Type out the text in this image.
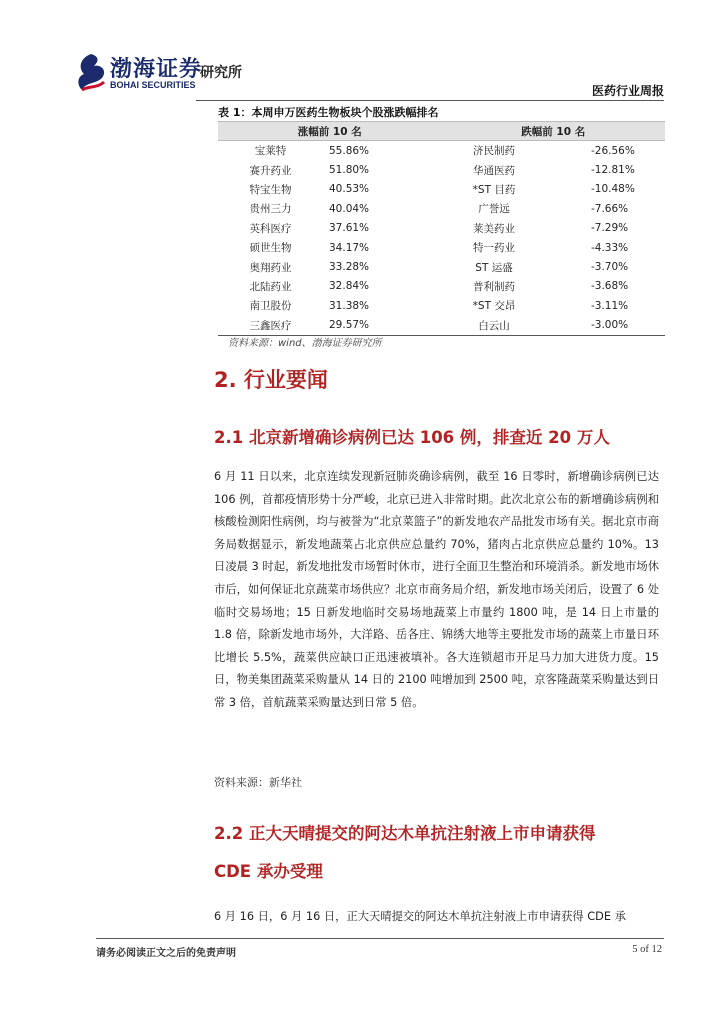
渤海证券
BOHAI SECURITIES
研究所
医药行业周报
表 1：本周申万医药生物板块个股涨跌幅排名
涨幅前 10 名	跌幅前 10 名
宝莱特	55.86%	济民制药	-26.56%
赛升药业	51.80%	华通医药	-12.81%
特宝生物	40.53%	*ST 目药	-10.48%
贵州三力	40.04%	广誉远	-7.66%
英科医疗	37.61%	莱美药业	-7.29%
硕世生物	34.17%	特一药业	-4.33%
奥翔药业	33.28%	ST 运盛	-3.70%
北陆药业	32.84%	普利制药	-3.68%
南卫股份	31.38%	*ST 交昂	-3.11%
三鑫医疗	29.57%	白云山	-3.00%
资料来源：wind、渤海证券研究所
2. 行业要闻
2.1 北京新增确诊病例已达 106 例，排查近 20 万人
6 月 11 日以来，北京连续发现新冠肺炎确诊病例，截至 16 日零时，新增确诊病例已达 106 例，首都疫情形势十分严峻，北京已进入非常时期。此次北京公布的新增确诊病例和核酸检测阳性病例，均与被誉为“北京菜篮子”的新发地农产品批发市场有关。据北京市商务局数据显示，新发地蔬菜占北京供应总量约 70%，猪肉占北京供应总量约 10%。13 日凌晨 3 时起，新发地批发市场暂时休市，进行全面卫生整治和环境消杀。新发地市场休市后，如何保证北京蔬菜市场供应？北京市商务局介绍，新发地市场关闭后，设置了 6 处临时交易场地；15 日新发地临时交易场地蔬菜上市量约 1800 吨，是 14 日上市量的 1.8 倍，除新发地市场外，大洋路、岳各庄、锦绣大地等主要批发市场的蔬菜上市量日环比增长 5.5%，蔬菜供应缺口正迅速被填补。各大连锁超市开足马力加大进货力度。15 日，物美集团蔬菜采购量从 14 日的 2100 吨增加到 2500 吨，京客隆蔬菜采购量达到日常 3 倍，首航蔬菜采购量达到日常 5 倍。
资料来源：新华社
2.2 正大天晴提交的阿达木单抗注射液上市申请获得
CDE 承办受理
6 月 16 日，6 月 16 日，正大天晴提交的阿达木单抗注射液上市申请获得 CDE 承
请务必阅读正文之后的免责声明	5 of 12
